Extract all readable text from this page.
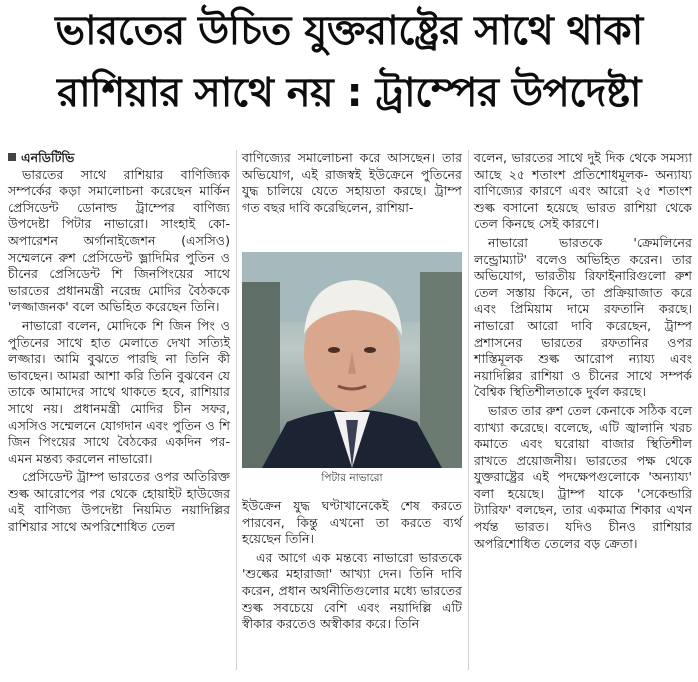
ভারতের উচিত যুক্তরাষ্ট্রের সাথে থাকা
রাশিয়ার সাথে নয় : ট্রাম্পের উপদেষ্টা
এনডিটিভি

ভারতের সাথে রাশিয়ার বাণিজ্যিক সম্পর্কের কড়া সমালোচনা করেছেন মার্কিন প্রেসিডেন্ট ডোনাল্ড ট্রাম্পের বাণিজ্য উপদেষ্টা পিটার নাভারো। সাংহাই কো-অপারেশন অর্গানাইজেশন (এসসিও) সম্মেলনে রুশ প্রেসিডেন্ট ভ্লাদিমির পুতিন ও চীনের প্রেসিডেন্ট শি জিনপিংয়ের সাথে ভারতের প্রধানমন্ত্রী নরেন্দ্র মোদির বৈঠককে 'লজ্জাজনক' বলে অভিহিত করেছেন তিনি।

নাভারো বলেন, মোদিকে শি জিন পিং ও পুতিনের সাথে হাত মেলাতে দেখা সত্যিই লজ্জার। আমি বুঝতে পারছি না তিনি কী ভাবছেন। আমরা আশা করি তিনি বুঝবেন যে তাকে আমাদের সাথে থাকতে হবে, রাশিয়ার সাথে নয়। প্রধানমন্ত্রী মোদির চীন সফর, এসসিও সম্মেলনে যোগদান এবং পুতিন ও শি জিন পিংয়ের সাথে বৈঠকের একদিন পর-এমন মন্তব্য করলেন নাভারো।

প্রেসিডেন্ট ট্রাম্প ভারতের ওপর অতিরিক্ত শুল্ক আরোপের পর থেকে হোয়াইট হাউজের এই বাণিজ্য উপদেষ্টা নিয়মিত নয়াদিল্লির রাশিয়ার সাথে অপরিশোধিত তেল

বাণিজ্যের সমালোচনা করে আসছেন। তার অভিযোগ, এই রাজস্বই ইউক্রেনে পুতিনের যুদ্ধ চালিয়ে যেতে সহায়তা করছে। ট্রাম্প গত বছর দাবি করেছিলেন, রাশিয়া-

পিটার নাভারো

ইউক্রেন যুদ্ধ ঘণ্টাখানেকেই শেষ করতে পারবেন, কিন্তু এখনো তা করতে ব্যর্থ হয়েছেন তিনি।

এর আগে এক মন্তব্যে নাভারো ভারতকে 'শুল্কের মহারাজা' আখ্যা দেন। তিনি দাবি করেন, প্রধান অর্থনীতিগুলোর মধ্যে ভারতের শুল্ক সবচেয়ে বেশি এবং নয়াদিল্লি এটি স্বীকার করতেও অস্বীকার করে। তিনি

বলেন, ভারতের সাথে দুই দিক থেকে সমস্যা আছে ২৫ শতাংশ প্রতিশোধমূলক- অন্যায্য বাণিজ্যের কারণে এবং আরো ২৫ শতাংশ শুল্ক বসানো হয়েছে ভারত রাশিয়া থেকে তেল কিনছে সেই কারণে।

নাভারো ভারতকে 'ক্রেমলিনের লন্ড্রোম্যাট' বলেও অভিহিত করেন। তার অভিযোগ, ভারতীয় রিফাইনারিগুলো রুশ তেল সস্তায় কিনে, তা প্রক্রিয়াজাত করে এবং প্রিমিয়াম দামে রফতানি করছে। নাভারো আরো দাবি করেছেন, ট্রাম্প প্রশাসনের ভারতের রফতানির ওপর শাস্তিমূলক শুল্ক আরোপ ন্যায্য এবং নয়াদিল্লির রাশিয়া ও চীনের সাথে সম্পর্ক বৈশ্বিক স্থিতিশীলতাকে দুর্বল করছে।

ভারত তার রুশ তেল কেনাকে সঠিক বলে ব্যাখ্যা করেছে। বলেছে, এটি জ্বালানি খরচ কমাতে এবং ঘরোয়া বাজার স্থিতিশীল রাখতে প্রয়োজনীয়। ভারতের পক্ষ থেকে যুক্তরাষ্ট্রের এই পদক্ষেপগুলোকে 'অন্যায্য' বলা হয়েছে। ট্রাম্প যাকে 'সেকেন্ডারি ট্যারিফ' বলছেন, তার একমাত্র শিকার এখন পর্যন্ত ভারত। যদিও চীনও রাশিয়ার অপরিশোধিত তেলের বড় ক্রেতা।
